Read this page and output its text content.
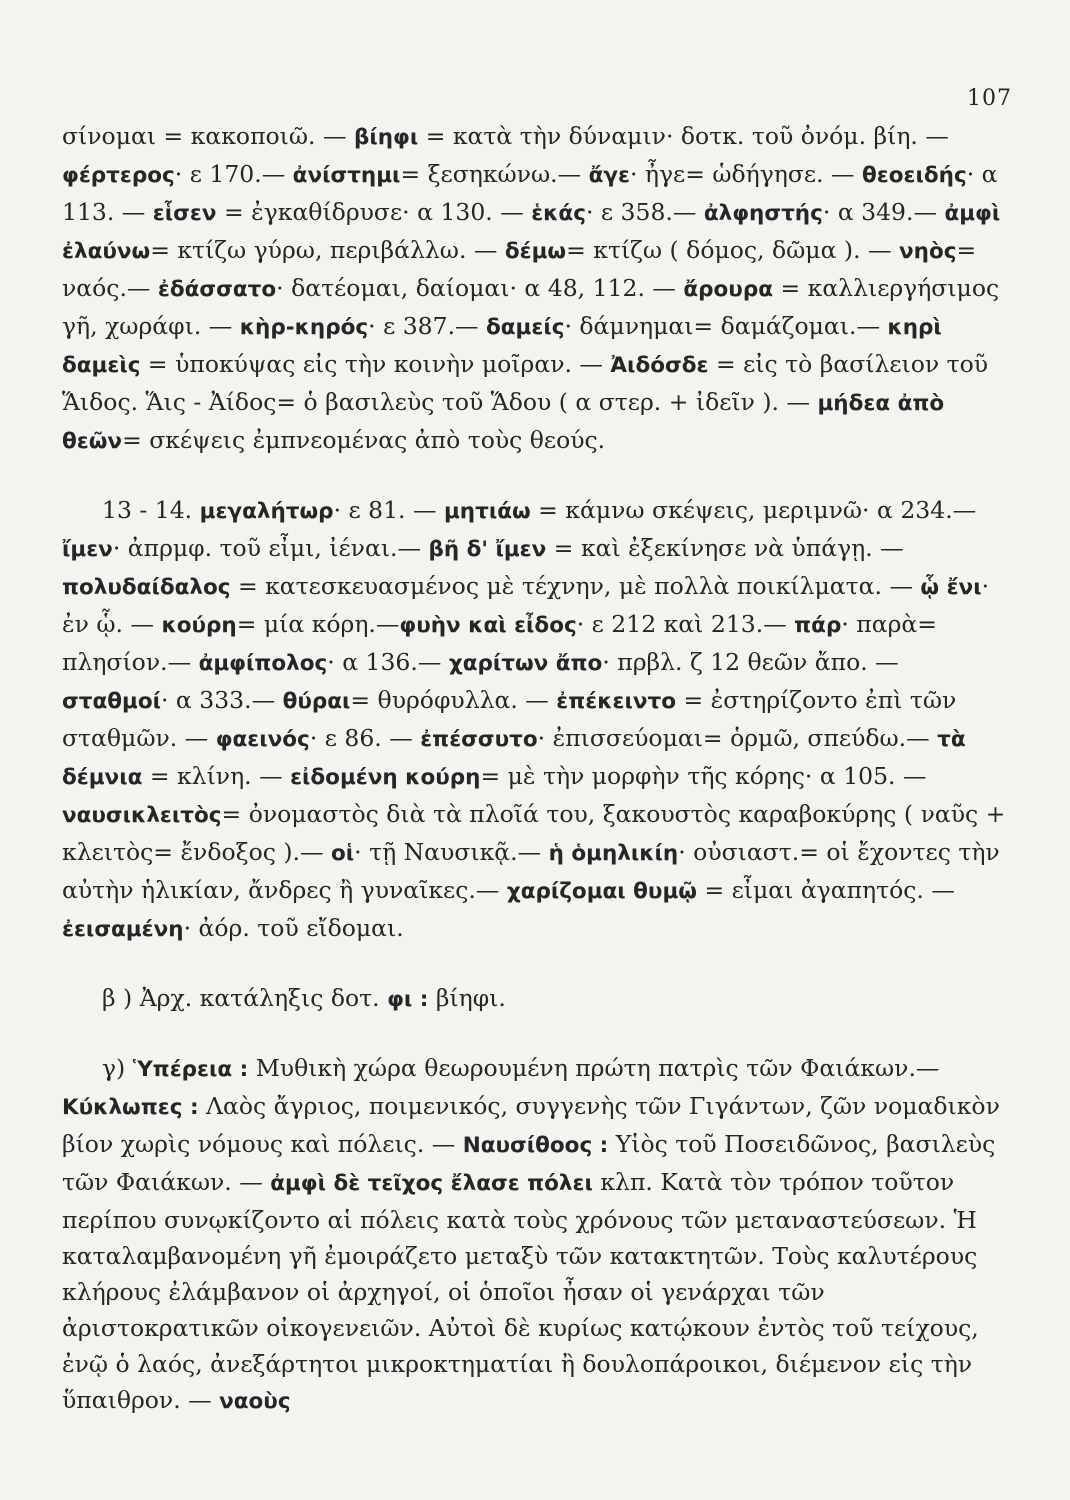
107

σίνομαι = κακοποιῶ. — βίηφι = κατὰ τὴν δύναμιν· δοτκ. τοῦ ὀνόμ. βίη. — φέρτερος· ε 170.— ἀνίστημι= ξεσηκώνω.— ἄγε· ἦγε= ὡδήγησε. — θεοειδής· α 113. — εἷσεν = ἐγκαθίδρυσε· α 130. — ἑκάς· ε 358.— ἀλφηστής· α 349.— ἀμφὶ ἐλαύνω= κτίζω γύρω, περιβάλλω. — δέμω= κτίζω ( δόμος, δῶμα ). — νηὸς= ναός.— ἐδάσσατο· δατέομαι, δαίομαι· α 48, 112. — ἄρουρα = καλλιεργήσιμος γῆ, χωράφι. — κὴρ-κηρός· ε 387.— δαμείς· δάμνημαι= δαμάζομαι.— κηρὶ δαμεὶς = ὑποκύψας εἰς τὴν κοινὴν μοῖραν. — Ἀιδόσδε = εἰς τὸ βασίλειον τοῦ Ἅιδος. Ἅις - Ἀίδος= ὁ βασιλεὺς τοῦ Ἅδου ( α στερ. + ἰδεῖν ). — μήδεα ἀπὸ θεῶν= σκέψεις ἐμπνεομένας ἀπὸ τοὺς θεούς.

13 - 14. μεγαλήτωρ· ε 81. — μητιάω = κάμνω σκέψεις, μεριμνῶ· α 234.— ἴμεν· ἀπρμφ. τοῦ εἶμι, ἰέναι.— βῆ δ' ἴμεν = καὶ ἐξεκίνησε νὰ ὑπάγῃ. — πολυδαίδαλος = κατεσκευασμένος μὲ τέχνην, μὲ πολλὰ ποικίλματα. — ᾧ ἔνι· ἐν ᾧ. — κούρη= μία κόρη.—φυὴν καὶ εἶδος· ε 212 καὶ 213.— πάρ· παρὰ= πλησίον.— ἀμφίπολος· α 136.— χαρίτων ἄπο· πρβλ. ζ 12 θεῶν ἄπο. — σταθμοί· α 333.— θύραι= θυρόφυλλα. — ἐπέκειντο = ἐστηρίζοντο ἐπὶ τῶν σταθμῶν. — φαεινός· ε 86. — ἐπέσσυτο· ἐπισσεύομαι= ὁρμῶ, σπεύδω.— τὰ δέμνια = κλίνη. — εἰδομένη κούρη= μὲ τὴν μορφὴν τῆς κόρης· α 105. — ναυσικλειτὸς= ὀνομαστὸς διὰ τὰ πλοῖά του, ξακουστὸς καραβοκύρης ( ναῦς + κλειτὸς= ἔνδοξος ).— οἱ· τῇ Ναυσικᾷ.— ἡ ὁμηλικίη· οὐσιαστ.= οἱ ἔχοντες τὴν αὐτὴν ἡλικίαν, ἄνδρες ἢ γυναῖκες.— χαρίζομαι θυμῷ = εἶμαι ἀγαπητός. — ἐεισαμένη· ἀόρ. τοῦ εἴδομαι.

β ) Ἀρχ. κατάληξις δοτ. φι : βίηφι.

γ) Ὑπέρεια : Μυθικὴ χώρα θεωρουμένη πρώτη πατρὶς τῶν Φαιάκων.— Κύκλωπες : Λαὸς ἄγριος, ποιμενικός, συγγενὴς τῶν Γιγάντων, ζῶν νομαδικὸν βίον χωρὶς νόμους καὶ πόλεις. — Ναυσίθοος : Υἱὸς τοῦ Ποσειδῶνος, βασιλεὺς τῶν Φαιάκων. — ἀμφὶ δὲ τεῖχος ἔλασε πόλει κλπ. Κατὰ τὸν τρόπον τοῦτον περίπου συνῳκίζοντο αἱ πόλεις κατὰ τοὺς χρόνους τῶν μεταναστεύσεων. Ἡ καταλαμβανομένη γῆ ἐμοιράζετο μεταξὺ τῶν κατακτητῶν. Τοὺς καλυτέρους κλήρους ἐλάμβανον οἱ ἀρχηγοί, οἱ ὁποῖοι ἦσαν οἱ γενάρχαι τῶν ἀριστοκρατικῶν οἰκογενειῶν. Αὐτοὶ δὲ κυρίως κατῴκουν ἐντὸς τοῦ τείχους, ἐνῷ ὁ λαός, ἀνεξάρτητοι μικροκτηματίαι ἢ δουλοπάροικοι, διέμενον εἰς τὴν ὕπαιθρον. — ναοὺς
